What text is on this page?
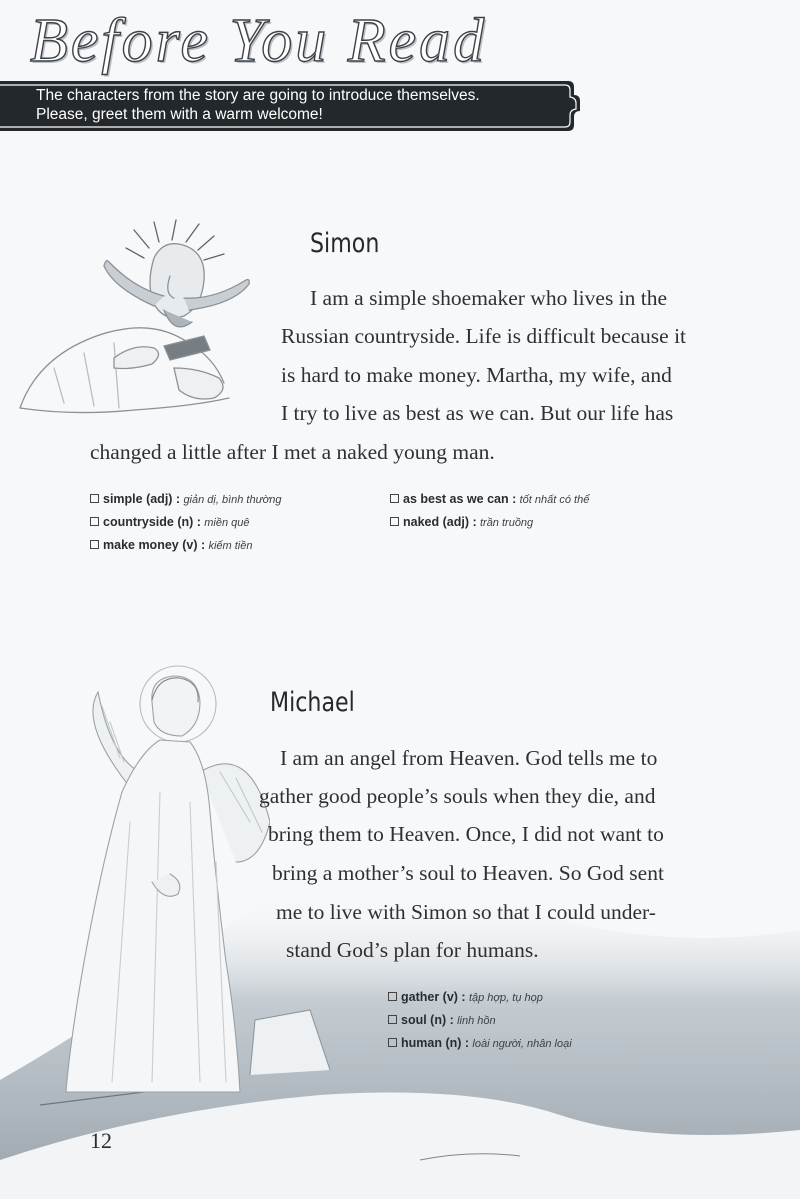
Before You Read
The characters from the story are going to introduce themselves.
Please, greet them with a warm welcome!
Simon
I am a simple shoemaker who lives in the
Russian countryside. Life is difficult because it
is hard to make money. Martha, my wife, and
I try to live as best as we can. But our life has
changed a little after I met a naked young man.
simple (adj) : giản dị, bình thường
countryside (n) : miền quê
make money (v) : kiếm tiền
as best as we can : tốt nhất có thể
naked (adj) : trần truồng
Michael
I am an angel from Heaven. God tells me to
gather good people’s souls when they die, and
bring them to Heaven. Once, I did not want to
bring a mother’s soul to Heaven. So God sent
me to live with Simon so that I could under-
stand God’s plan for humans.
gather (v) : tập hợp, tụ họp
soul (n) : linh hồn
human (n) : loài người, nhân loại
12
